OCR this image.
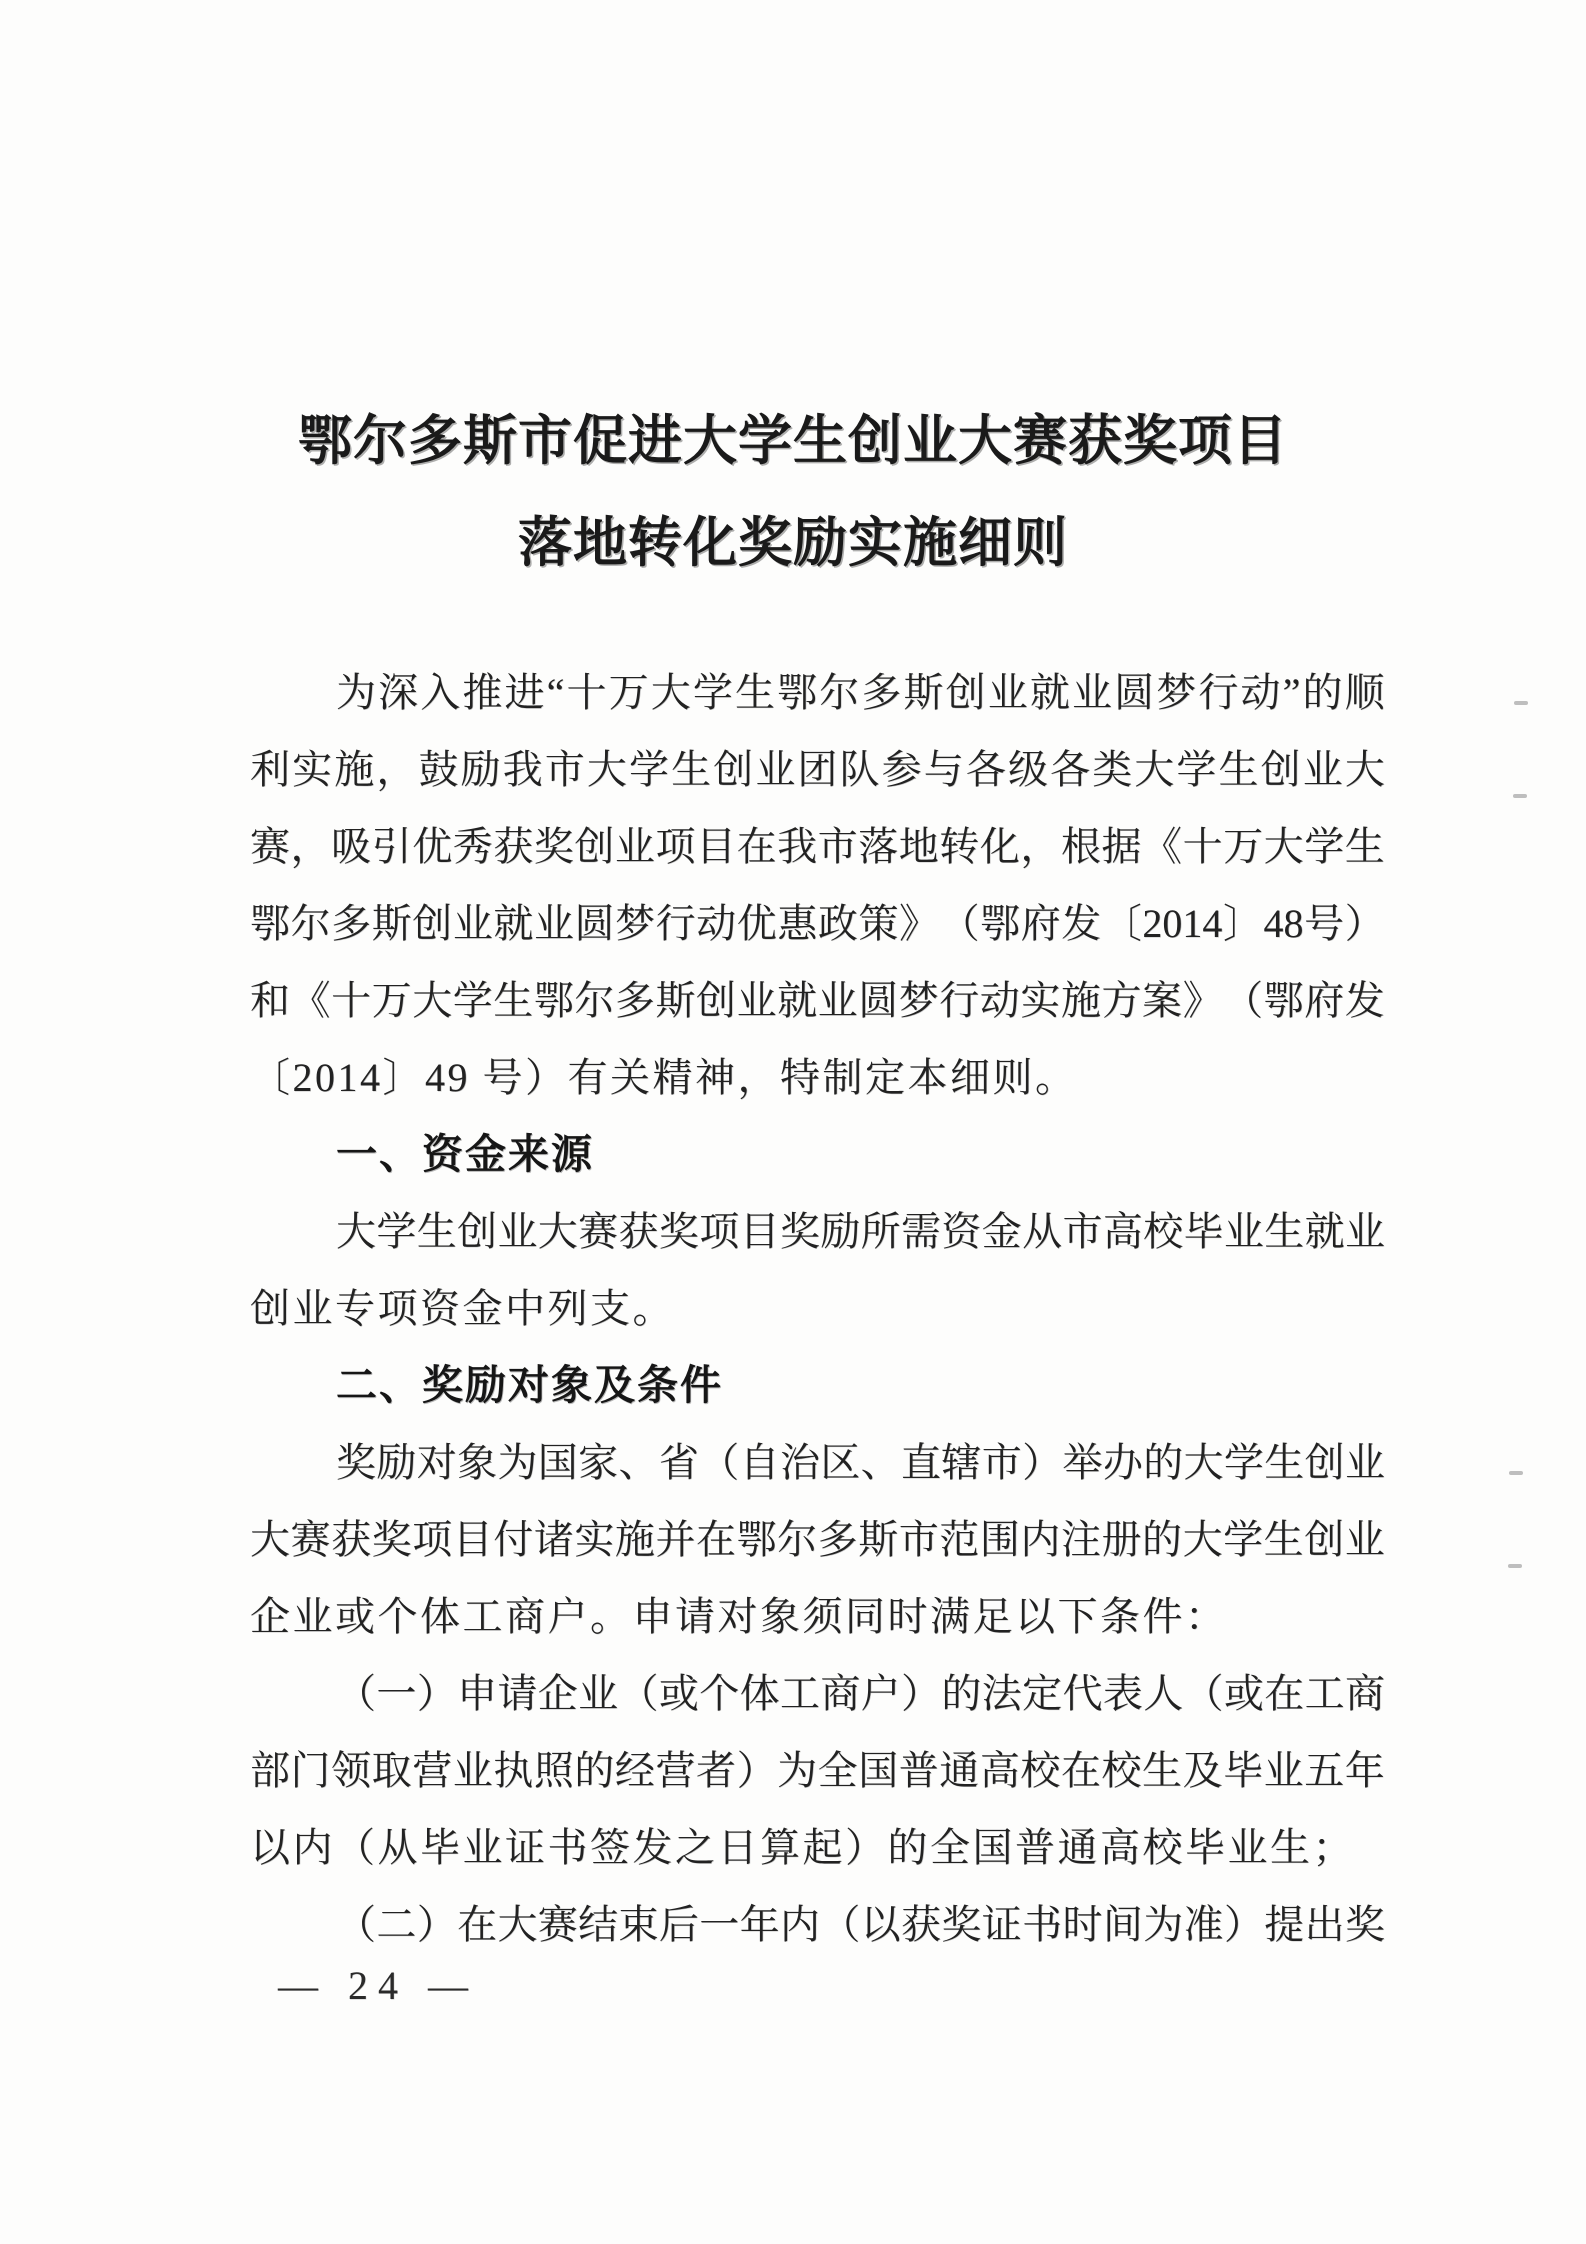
鄂尔多斯市促进大学生创业大赛获奖项目
落地转化奖励实施细则
为 深 入 推 进 “ 十 万 大 学 生 鄂 尔 多 斯 创 业 就 业 圆 梦 行 动 ” 的 顺
利 实 施 ， 鼓 励 我 市 大 学 生 创 业 团 队 参 与 各 级 各 类 大 学 生 创 业 大
赛 ， 吸 引 优 秀 获 奖 创 业 项 目 在 我 市 落 地 转 化 ， 根 据 《 十 万 大 学 生
鄂 尔 多 斯 创 业 就 业 圆 梦 行 动 优 惠 政 策 》 （ 鄂 府 发 〔 2014 〕 48 号 ）
和 《 十 万 大 学 生 鄂 尔 多 斯 创 业 就 业 圆 梦 行 动 实 施 方 案 》 （ 鄂 府 发
〔2014〕49 号）有关精神，特制定本细则。
一、资金来源
大 学 生 创 业 大 赛 获 奖 项 目 奖 励 所 需 资 金 从 市 高 校 毕 业 生 就 业
创业专项资金中列支。
二、奖励对象及条件
奖 励 对 象 为 国 家 、 省 （ 自 治 区 、 直 辖 市 ） 举 办 的 大 学 生 创 业
大 赛 获 奖 项 目 付 诸 实 施 并 在 鄂 尔 多 斯 市 范 围 内 注 册 的 大 学 生 创 业
企业或个体工商户。申请对象须同时满足以下条件：
（ 一 ） 申 请 企 业 （ 或 个 体 工 商 户 ） 的 法 定 代 表 人 （ 或 在 工 商
部 门 领 取 营 业 执 照 的 经 营 者 ） 为 全 国 普 通 高 校 在 校 生 及 毕 业 五 年
以内（从毕业证书签发之日算起）的全国普通高校毕业生；
（ 二 ） 在 大 赛 结 束 后 一 年 内 （ 以 获 奖 证 书 时 间 为 准 ） 提 出 奖
— 24 —
